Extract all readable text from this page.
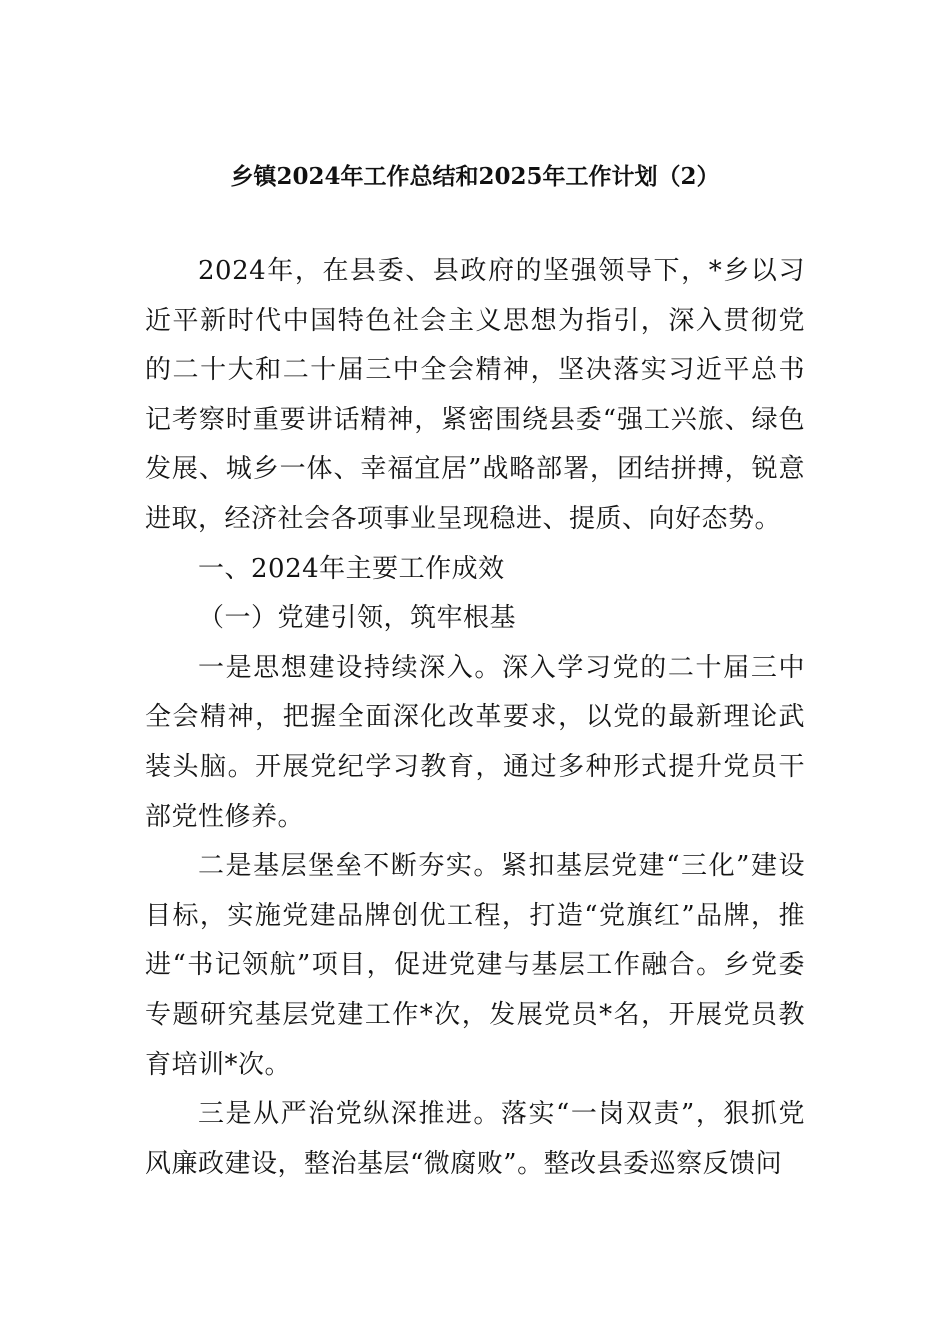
乡镇2024年工作总结和2025年工作计划（2）

2024年，在县委、县政府的坚强领导下，*乡以习近平新时代中国特色社会主义思想为指引，深入贯彻党的二十大和二十届三中全会精神，坚决落实习近平总书记考察时重要讲话精神，紧密围绕县委“强工兴旅、绿色发展、城乡一体、幸福宜居”战略部署，团结拼搏，锐意进取，经济社会各项事业呈现稳进、提质、向好态势。

一、2024年主要工作成效

（一）党建引领，筑牢根基

一是思想建设持续深入。深入学习党的二十届三中全会精神，把握全面深化改革要求，以党的最新理论武装头脑。开展党纪学习教育，通过多种形式提升党员干部党性修养。

二是基层堡垒不断夯实。紧扣基层党建“三化”建设目标，实施党建品牌创优工程，打造“党旗红”品牌，推进“书记领航”项目，促进党建与基层工作融合。乡党委专题研究基层党建工作*次，发展党员*名，开展党员教育培训*次。

三是从严治党纵深推进。落实“一岗双责”，狠抓党风廉政建设，整治基层“微腐败”。整改县委巡察反馈问
